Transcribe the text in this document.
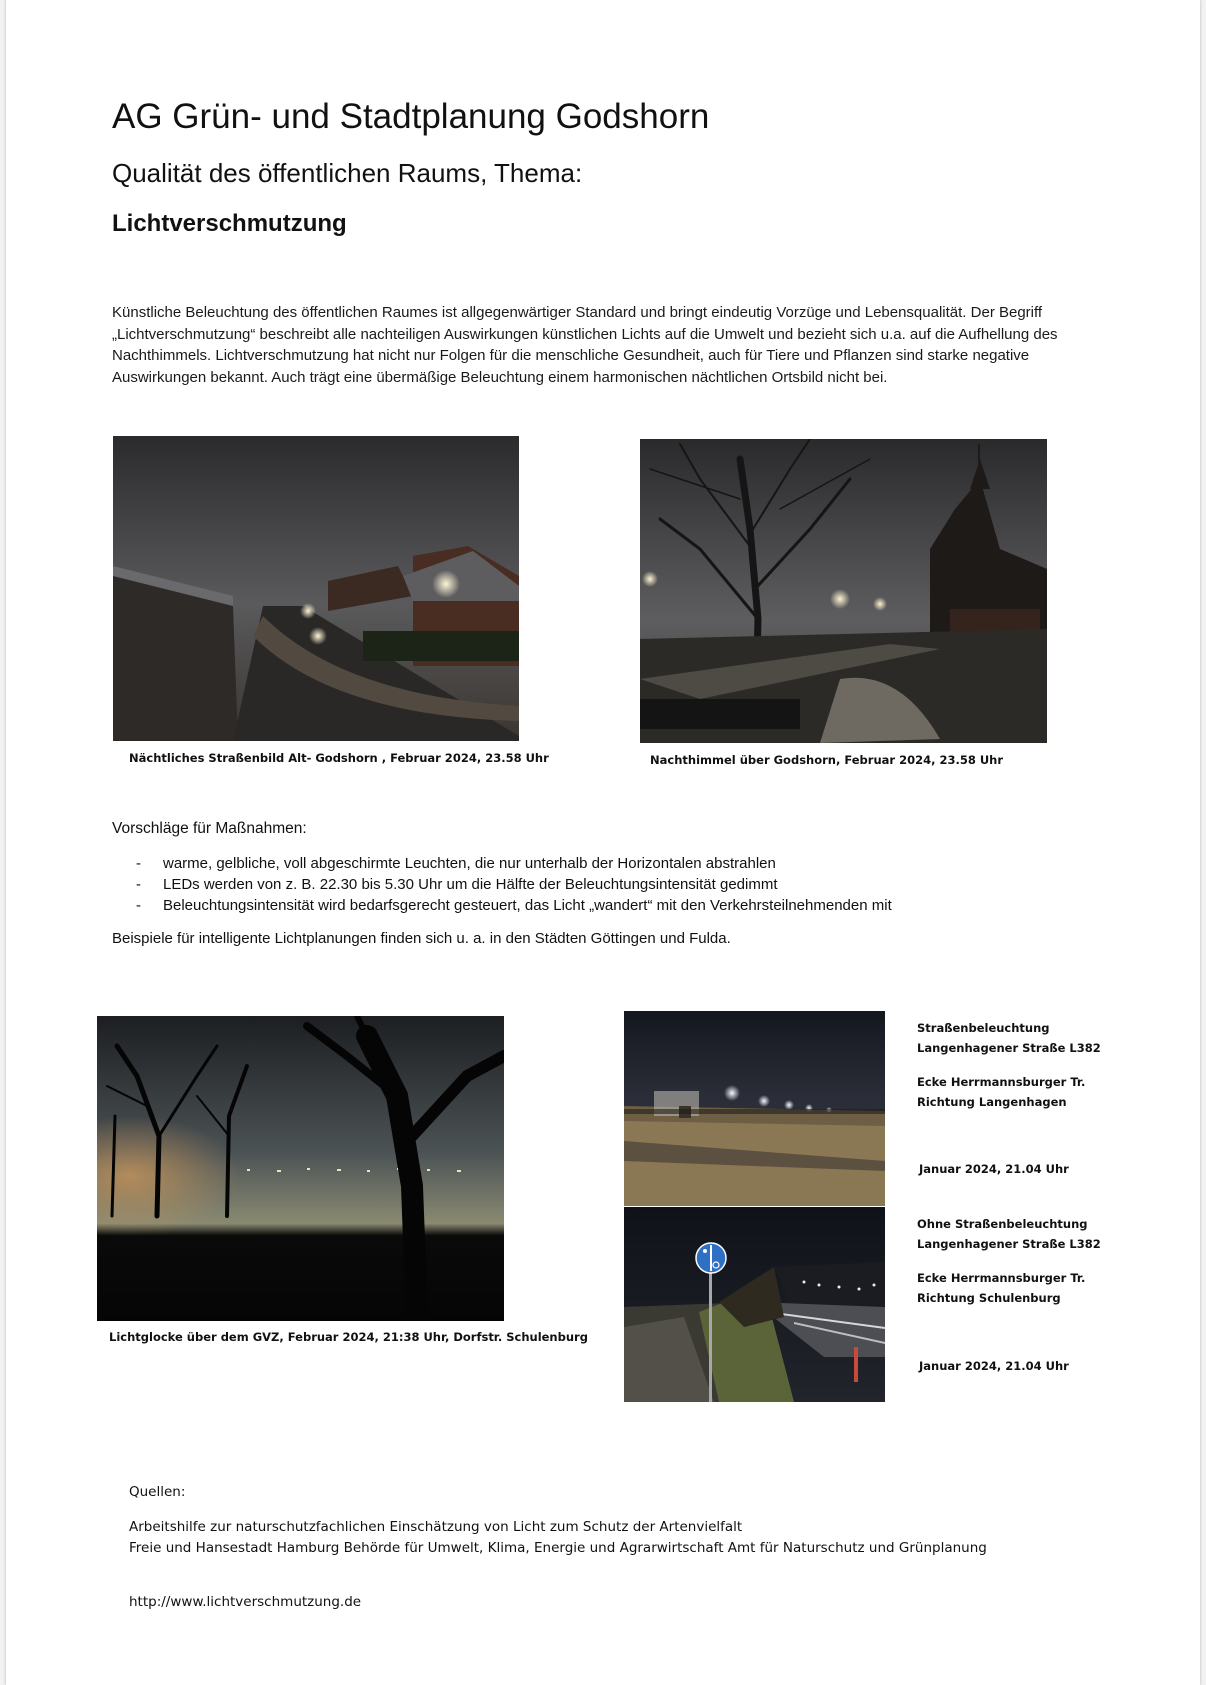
AG Grün- und Stadtplanung Godshorn
Qualität des öffentlichen Raums, Thema:
Lichtverschmutzung

Künstliche Beleuchtung des öffentlichen Raumes ist allgegenwärtiger Standard und bringt eindeutig Vorzüge und Lebensqualität. Der Begriff „Lichtverschmutzung“ beschreibt alle nachteiligen Auswirkungen künstlichen Lichts auf die Umwelt und bezieht sich u.a. auf die Aufhellung des Nachthimmels. Lichtverschmutzung hat nicht nur Folgen für die menschliche Gesundheit, auch für Tiere und Pflanzen sind starke negative Auswirkungen bekannt. Auch trägt eine übermäßige Beleuchtung einem harmonischen nächtlichen Ortsbild nicht bei.

Nächtliches Straßenbild Alt- Godshorn , Februar 2024, 23.58 Uhr	Nachthimmel über Godshorn, Februar 2024, 23.58 Uhr
Vorschläge für Maßnahmen:
- warme, gelbliche, voll abgeschirmte Leuchten, die nur unterhalb der Horizontalen abstrahlen
- LEDs werden von z. B. 22.30 bis 5.30 Uhr um die Hälfte der Beleuchtungsintensität gedimmt
- Beleuchtungsintensität wird bedarfsgerecht gesteuert, das Licht „wandert“ mit den Verkehrsteilnehmenden mit
Beispiele für intelligente Lichtplanungen finden sich u. a. in den Städten Göttingen und Fulda.
Lichtglocke über dem GVZ, Februar 2024, 21:38 Uhr, Dorfstr. Schulenburg
Straßenbeleuchtung
Langenhagener Straße L382
Ecke Herrmannsburger Tr.
Richtung Langenhagen
Januar 2024, 21.04 Uhr
Ohne Straßenbeleuchtung
Langenhagener Straße L382
Ecke Herrmannsburger Tr.
Richtung Schulenburg
Januar 2024, 21.04 Uhr
Quellen:
Arbeitshilfe zur naturschutzfachlichen Einschätzung von Licht zum Schutz der Artenvielfalt
Freie und Hansestadt Hamburg Behörde für Umwelt, Klima, Energie und Agrarwirtschaft Amt für Naturschutz und Grünplanung
http://www.lichtverschmutzung.de
